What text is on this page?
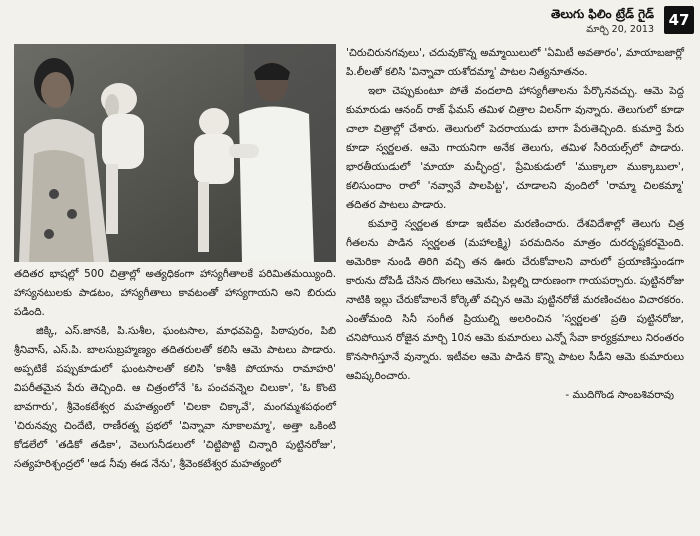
తెలుగు ఫిలిం ట్రేడ్ గైడ్
మార్చి 20, 2013
47

తదితర భాషల్లో 500 చిత్రాల్లో అత్యధికంగా హాస్యగీతాలకే పరిమితమయ్యింది. హాస్యనటులకు పాడటం, హాస్యగీతాలు కావటంతో హాస్యగాయని అని బిరుదు పడింది.

జిక్కి, ఎస్.జానకి, పి.సుశీల, ఘంటసాల, మాధవపెద్ది, పిఠాపురం, పిబి శ్రీనివాస్, ఎస్.పి. బాలసుబ్రహ్మణ్యం తదితరులతో కలిసి ఆమె పాటలు పాడారు. అప్పటికే పప్పుకూడులో ఘంటసాలతో కలిసి 'కాశీకి పోయాను రామాహరి' విపరీతమైన పేరు తెచ్చింది. ఆ చిత్రంలోనే 'ఓ పంచవన్నెల చిలుకా', 'ఓ కొంటె బావగారు', శ్రీవెంకటేశ్వర మహత్యంలో 'చిలకా చిక్కావే', మంగమ్మశపథంలో 'చిరునవ్వు చిందేటి, రాణీరత్న ప్రభలో 'విన్నావా నూకాలమ్మా', అత్తా ఒకింటి కోడలేలో 'తడికో తడికా', వెలుగునీడలులో 'చిట్టిపొట్టి చిన్నారి పుట్టినరోజు', సత్యహరిశ్చంద్రలో 'ఆడ నీవు ఈడ నేను', శ్రీవెంకటేశ్వర మహత్యంలో

'చిరుచిరునగవులు', చదువుకొన్న అమ్మాయిలులో 'ఏమిటీ అవతారం', మాయాబజార్లో పి.లీలతో కలిసి 'విన్నావా యశోదమ్మా' పాటల నిత్యనూతనం.

ఇలా చెప్పుకుంటూ పోతే వందలాది హాస్యగీతాలను పేర్కొనవచ్చు. ఆమె పెద్ద కుమారుడు ఆనంద్ రాజ్ ఫేమస్ తమిళ చిత్రాల విలన్‌గా వున్నారు. తెలుగులో కూడా చాలా చిత్రాల్లో చేశారు. తెలుగులో పెదరాయుడు బాగా పేరుతెచ్చింది. కుమార్తె పేరు కూడా స్వర్ణలత. ఆమె గాయనిగా అనేక తెలుగు, తమిళ సీరియల్స్‌లో పాడారు. భారతీయుడులో 'మాయా మచ్ఛీంద్ర', ప్రేమికుడులో 'ముక్కాలా ముక్కాబులా', కలిసుందాం రాలో 'నవ్వావే పాలపిట్ట', చూడాలని వుందిలో 'రామ్మా చిలకమ్మా' తదితర పాటలు పాడారు.

కుమార్తె స్వర్ణలత కూడా ఇటీవల మరణించారు. దేశవిదేశాల్లో తెలుగు చిత్ర గీతలను పాడిన స్వర్ణలత (మహాలక్ష్మి) పరమదినం మాత్రం దురదృష్టకరమైంది. అమెరికా నుండి తిరిగి వచ్చి తన ఊరు చేరుకోవాలని వారులో ప్రయాణిస్తుండగా కారును దోపిడీ చేసిన దొంగలు ఆమెను, పిల్లల్ని దారుణంగా గాయపర్చారు. పుట్టినరోజు నాటికి ఇల్లు చేరుకోవాలనే కోర్కెతో వచ్చిన ఆమె పుట్టినరోజే మరణించటం విచారకరం. ఎంతోమంది సినీ సంగీత ప్రియుల్ని అలరించిన 'స్వర్ణలత' ప్రతి పుట్టినరోజు, చనిపోయిన రోజైన మార్చి 10న ఆమె కుమారులు ఎన్నో సేవా కార్యక్రమాలు నిరంతరం కొనసాగిస్తూనే వున్నారు. ఇటీవల ఆమె పాడిన కొన్ని పాటల సీడీని ఆమె కుమారులు ఆవిష్కరించారు.

- ముదిగొండ సాంబశివరావు
